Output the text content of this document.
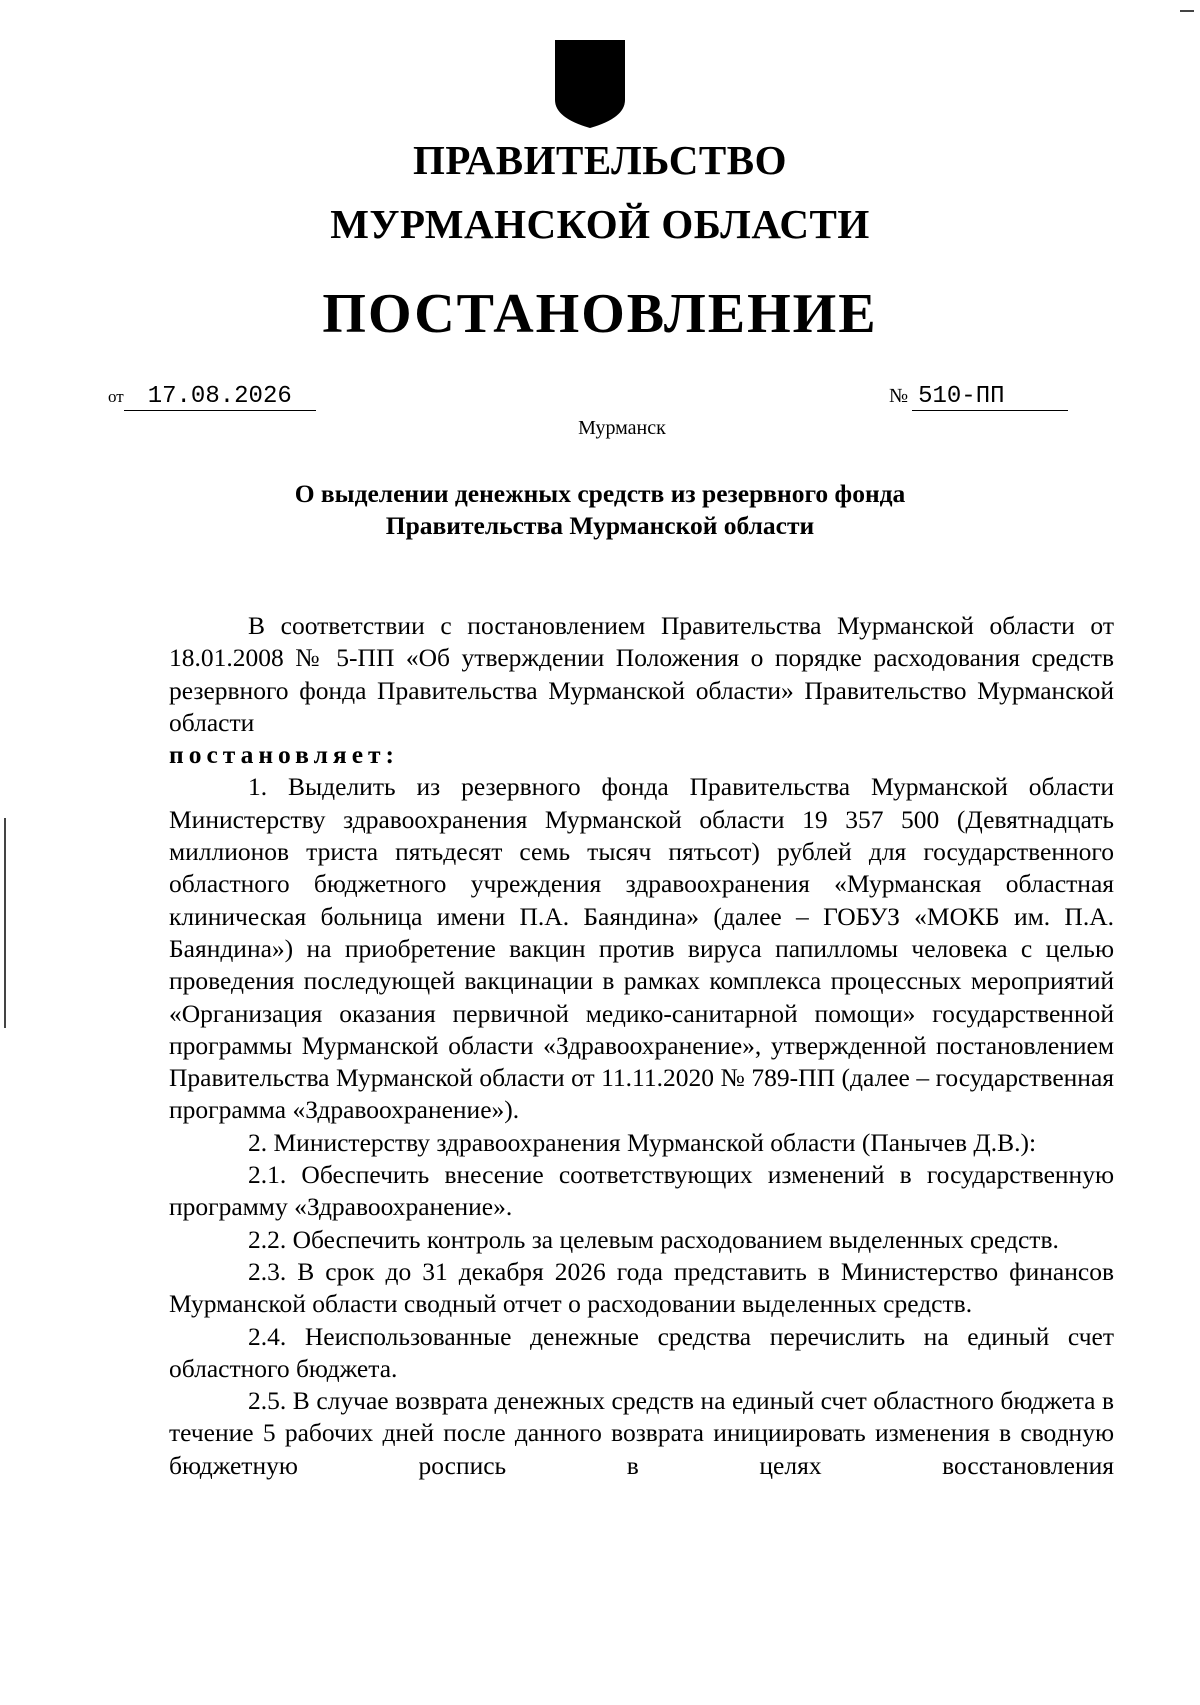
ПРАВИТЕЛЬСТВО
МУРМАНСКОЙ ОБЛАСТИ
ПОСТАНОВЛЕНИЕ
от 17.08.2026	№ 510-ПП
Мурманск
О выделении денежных средств из резервного фонда
Правительства Мурманской области

В соответствии с постановлением Правительства Мурманской области от 18.01.2008 № 5-ПП «Об утверждении Положения о порядке расходования средств резервного фонда Правительства Мурманской области» Правительство Мурманской области

постановляет:

1. Выделить из резервного фонда Правительства Мурманской области Министерству здравоохранения Мурманской области 19 357 500 (Девятнадцать миллионов триста пятьдесят семь тысяч пятьсот) рублей для государственного областного бюджетного учреждения здравоохранения «Мурманская областная клиническая больница имени П.А. Баяндина» (далее – ГОБУЗ «МОКБ им. П.А. Баяндина») на приобретение вакцин против вируса папилломы человека с целью проведения последующей вакцинации в рамках комплекса процессных мероприятий «Организация оказания первичной медико-санитарной помощи» государственной программы Мурманской области «Здравоохранение», утвержденной постановлением Правительства Мурманской области от 11.11.2020 № 789-ПП (далее – государственная программа «Здравоохранение»).

2. Министерству здравоохранения Мурманской области (Панычев Д.В.):

2.1. Обеспечить внесение соответствующих изменений в государственную программу «Здравоохранение».

2.2. Обеспечить контроль за целевым расходованием выделенных средств.

2.3. В срок до 31 декабря 2026 года представить в Министерство финансов Мурманской области сводный отчет о расходовании выделенных средств.

2.4. Неиспользованные денежные средства перечислить на единый счет областного бюджета.

2.5. В случае возврата денежных средств на единый счет областного бюджета в течение 5 рабочих дней после данного возврата инициировать изменения в сводную бюджетную роспись в целях восстановления
